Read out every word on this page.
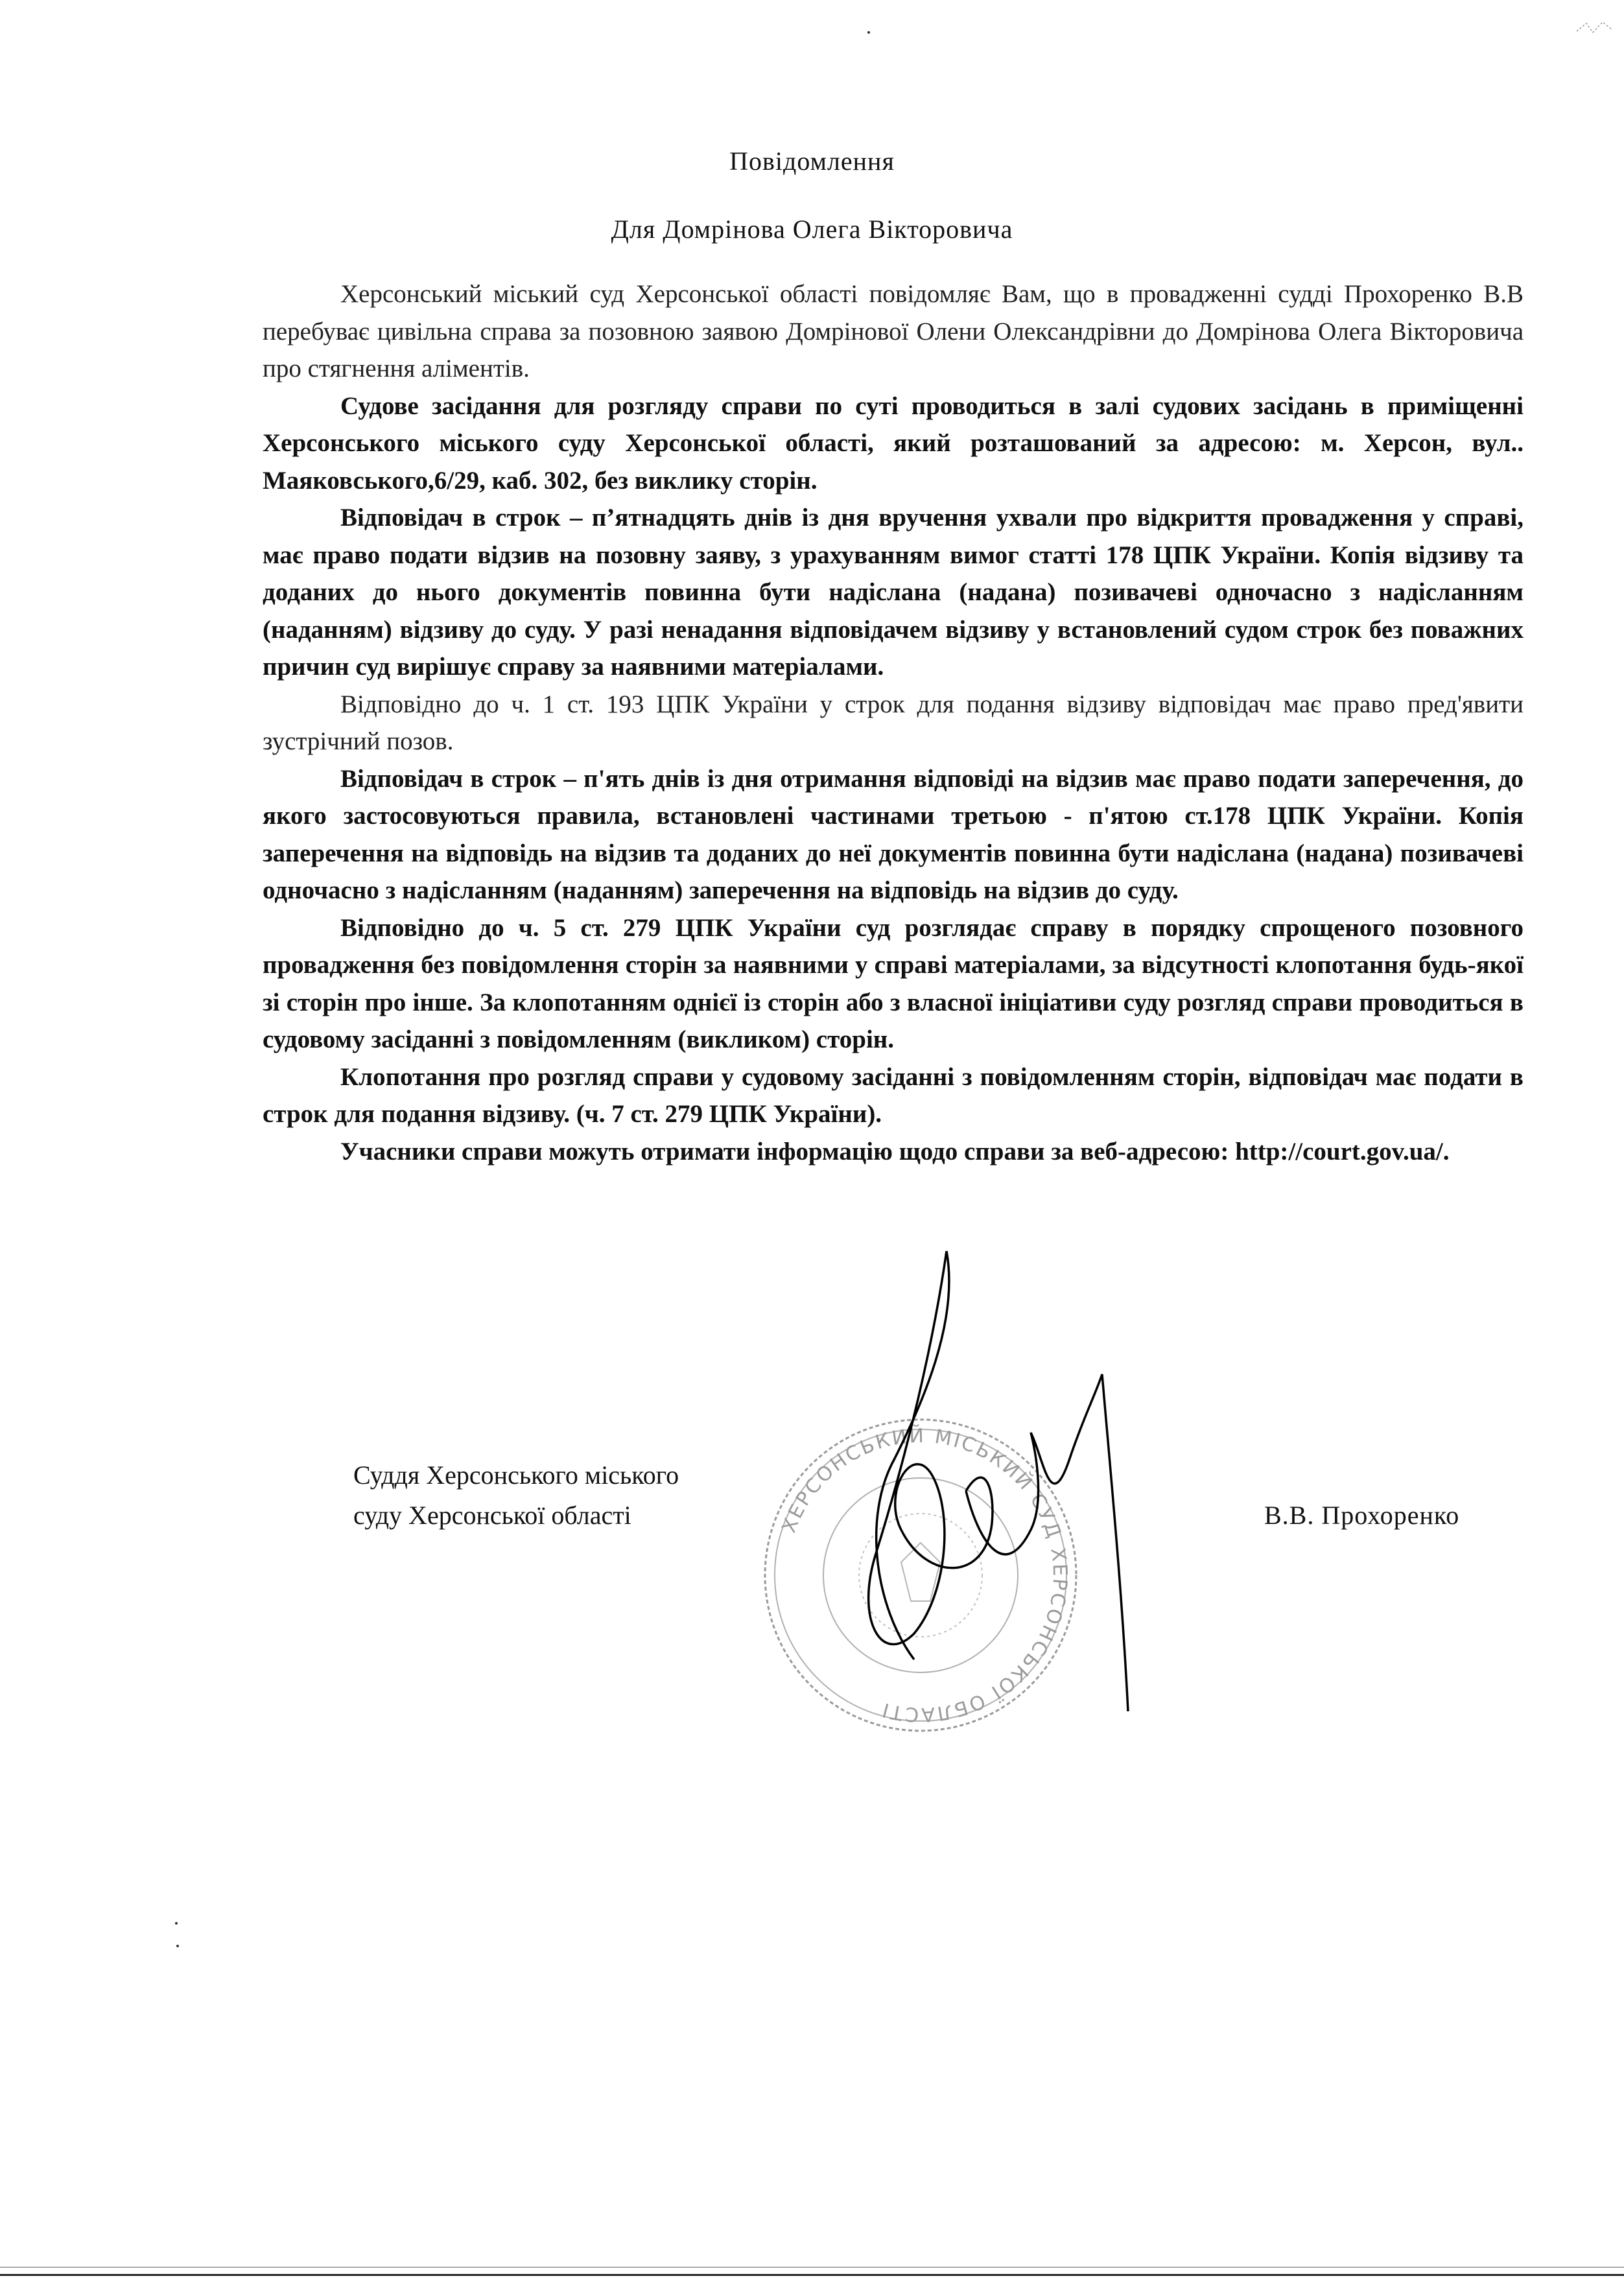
Повідомлення
Для Домрінова Олега Вікторовича

Херсонський міський суд Херсонської області повідомляє Вам, що в провадженні судді Прохоренко В.В перебуває цивільна справа за позовною заявою Домрінової Олени Олександрівни до Домрінова Олега Вікторовича про стягнення аліментів.

Судове засідання для розгляду справи по суті проводиться в залі судових засідань в приміщенні Херсонського міського суду Херсонської області, який розташований за адресою: м. Херсон, вул.. Маяковського,6/29, каб. 302, без виклику сторін.

Відповідач в строк – п’ятнадцять днів із дня вручення ухвали про відкриття провадження у справі, має право подати відзив на позовну заяву, з урахуванням вимог статті 178 ЦПК України. Копія відзиву та доданих до нього документів повинна бути надіслана (надана) позивачеві одночасно з надісланням (наданням) відзиву до суду. У разі ненадання відповідачем відзиву у встановлений судом строк без поважних причин суд вирішує справу за наявними матеріалами.

Відповідно до ч. 1 ст. 193 ЦПК України у строк для подання відзиву відповідач має право пред'явити зустрічний позов.

Відповідач в строк – п'ять днів із дня отримання відповіді на відзив має право подати заперечення, до якого застосовуються правила, встановлені частинами третьою - п'ятою ст.178 ЦПК України. Копія заперечення на відповідь на відзив та доданих до неї документів повинна бути надіслана (надана) позивачеві одночасно з надісланням (наданням) заперечення на відповідь на відзив до суду.

Відповідно до ч. 5 ст. 279 ЦПК України суд розглядає справу в порядку спрощеного позовного провадження без повідомлення сторін за наявними у справі матеріалами, за відсутності клопотання будь-якої зі сторін про інше. За клопотанням однієї із сторін або з власної ініціативи суду розгляд справи проводиться в судовому засіданні з повідомленням (викликом) сторін.

Клопотання про розгляд справи у судовому засіданні з повідомленням сторін, відповідач має подати в строк для подання відзиву. (ч. 7 ст. 279 ЦПК України).

Учасники справи можуть отримати інформацію щодо справи за веб-адресою: http://court.gov.ua/.

Суддя Херсонського міського
суду Херсонської області	В.В. Прохоренко
ХЕРСОНСЬКИЙ МІСЬКИЙ СУД ХЕРСОНСЬКОЇ ОБЛАСТІ
